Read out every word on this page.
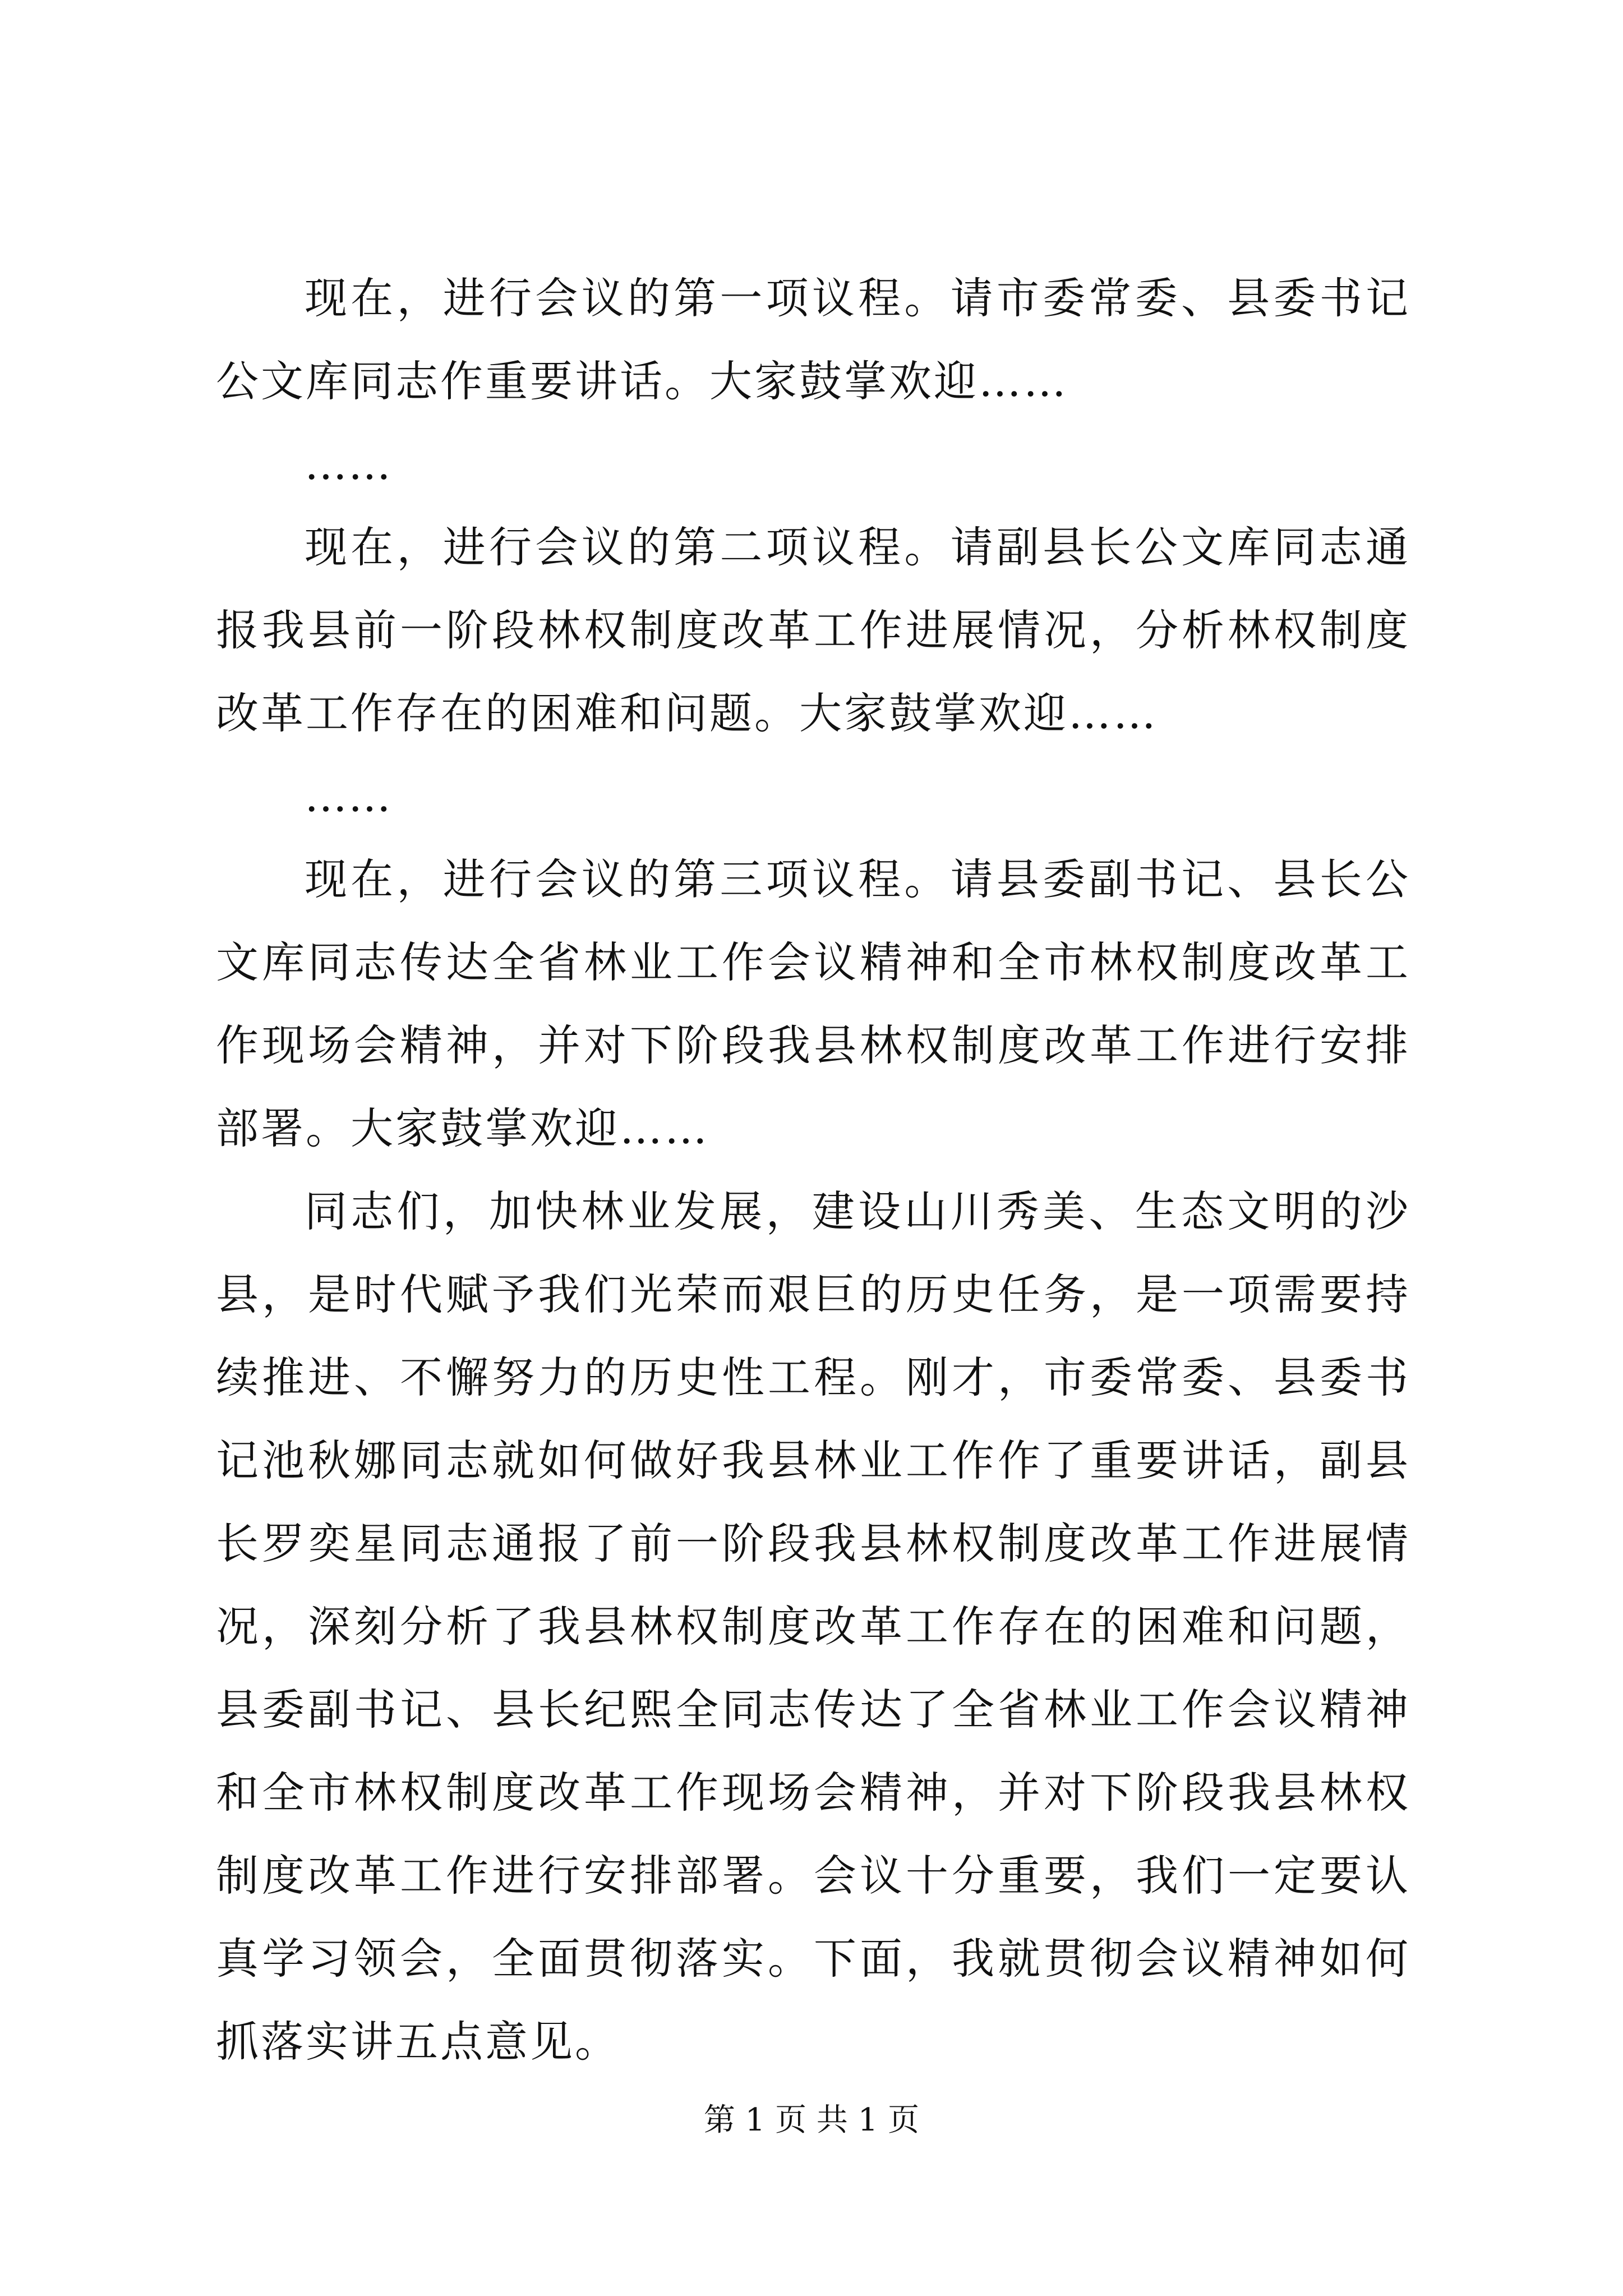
现在，进行会议的第一项议程。请市委常委、县委书记公文库同志作重要讲话。大家鼓掌欢迎……

……

现在，进行会议的第二项议程。请副县长公文库同志通报我县前一阶段林权制度改革工作进展情况，分析林权制度改革工作存在的困难和问题。大家鼓掌欢迎……

……

现在，进行会议的第三项议程。请县委副书记、县长公文库同志传达全省林业工作会议精神和全市林权制度改革工作现场会精神，并对下阶段我县林权制度改革工作进行安排部署。大家鼓掌欢迎……

同志们，加快林业发展，建设山川秀美、生态文明的沙县，是时代赋予我们光荣而艰巨的历史任务，是一项需要持续推进、不懈努力的历史性工程。刚才，市委常委、县委书记池秋娜同志就如何做好我县林业工作作了重要讲话，副县长罗奕星同志通报了前一阶段我县林权制度改革工作进展情况，深刻分析了我县林权制度改革工作存在的困难和问题，县委副书记、县长纪熙全同志传达了全省林业工作会议精神和全市林权制度改革工作现场会精神，并对下阶段我县林权制度改革工作进行安排部署。会议十分重要，我们一定要认真学习领会，全面贯彻落实。下面，我就贯彻会议精神如何抓落实讲五点意见。

第 1 页 共 1 页
